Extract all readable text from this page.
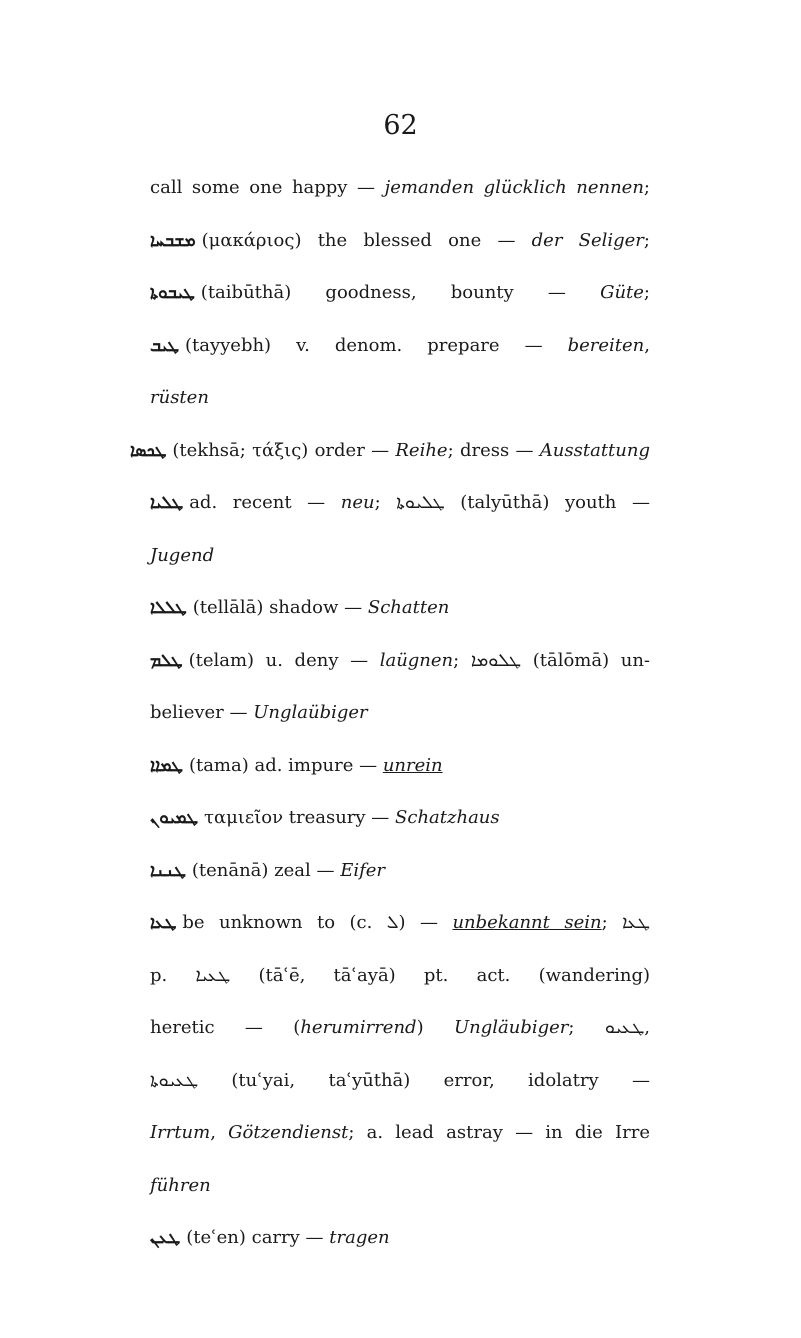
62
call some one happy — jemanden glücklich nennen;
ܡܫܒܚܐ (μακάριος) the blessed one — der Seliger;
ܛܝܒܘܬܐ (taibūthā) goodness, bounty — Güte;
ܛܝܒ (tayyebh) v. denom. prepare — bereiten,
rüsten
ܛܟܣܐ (tekhsā; τάξις) order — Reihe; dress — Ausstattung
ܛܠܝܐ ad. recent — neu; ܛܠܝܘܬܐ (talyūthā) youth —
Jugend
ܛܠܠܐ (tellālā) shadow — Schatten
ܛܠܡ (telam) u. deny — laügnen; ܛܠܘܡܐ (tālōmā) un-
believer — Unglaübiger
ܛܡܐܐ (tama) ad. impure — unrein
ܛܡܝܘܢ ταμιεῖον treasury — Schatzhaus
ܛܢܢܐ (tenānā) zeal — Eifer
ܛܥܐ be unknown to (c. ܠ) — unbekannt sein; ܛܥܐ
p. ܛܥܝܐ (tāʿē, tāʿayā) pt. act. (wandering)
heretic — (herumirrend) Ungläubiger; ܛܥܝܘ,
ܛܥܝܘܬܐ (tuʿyai, taʿyūthā) error, idolatry —
Irrtum, Götzendienst; a. lead astray — in die Irre
führen
ܛܥܢ (teʿen) carry — tragen
